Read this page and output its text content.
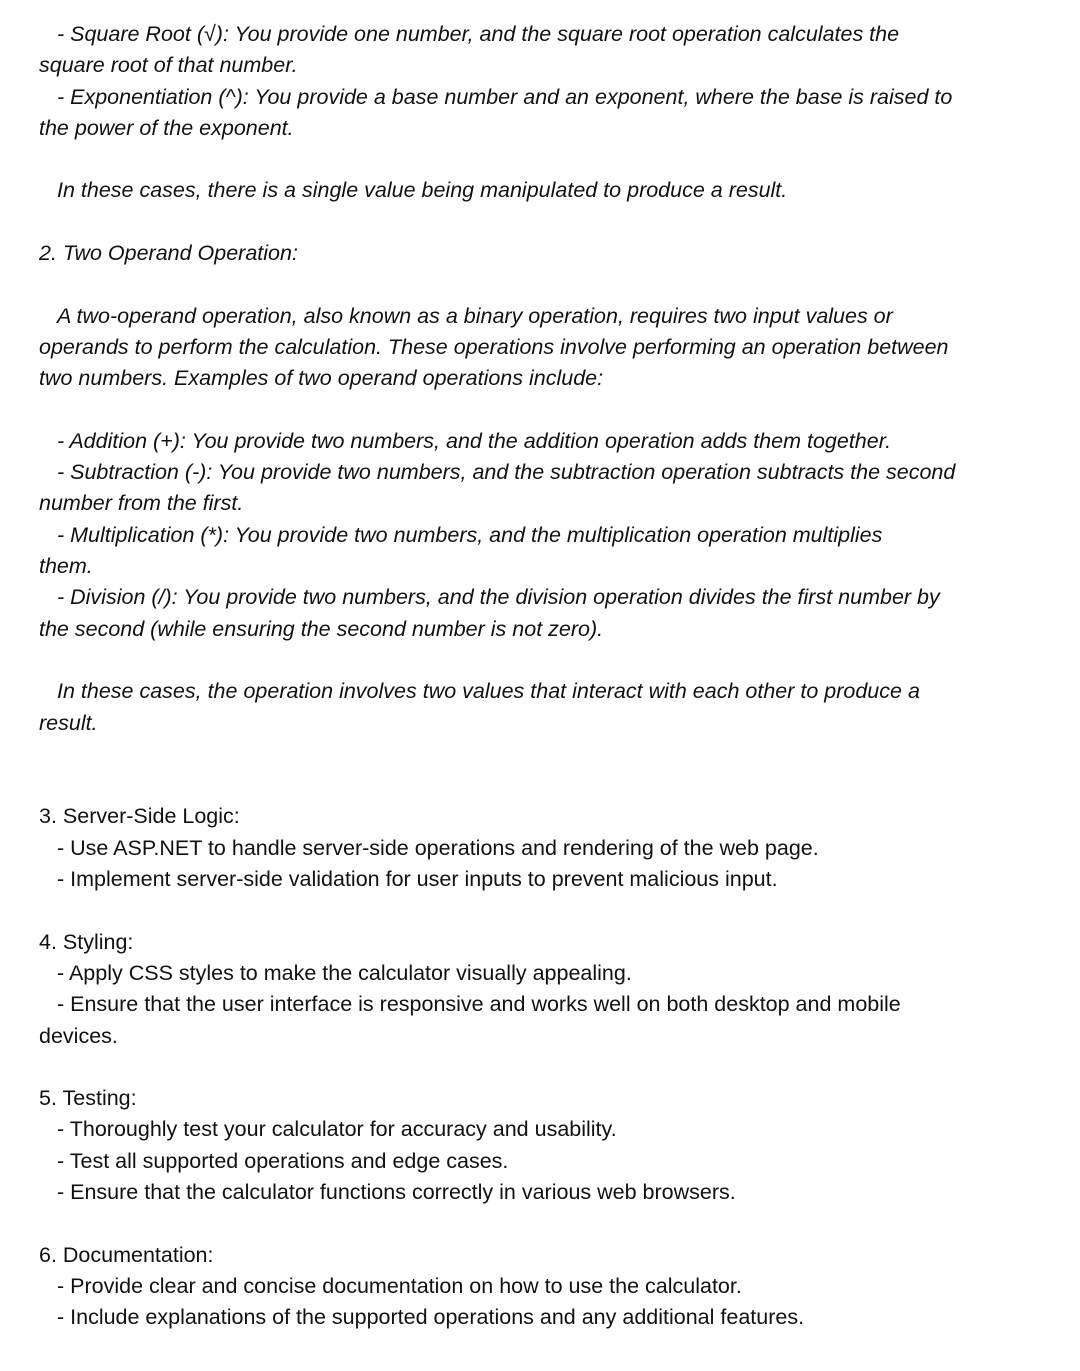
- Square Root (√): You provide one number, and the square root operation calculates the
square root of that number.
- Exponentiation (^): You provide a base number and an exponent, where the base is raised to
the power of the exponent.
In these cases, there is a single value being manipulated to produce a result.
2. Two Operand Operation:
A two-operand operation, also known as a binary operation, requires two input values or
operands to perform the calculation. These operations involve performing an operation between
two numbers. Examples of two operand operations include:
- Addition (+): You provide two numbers, and the addition operation adds them together.
- Subtraction (-): You provide two numbers, and the subtraction operation subtracts the second
number from the first.
- Multiplication (*): You provide two numbers, and the multiplication operation multiplies
them.
- Division (/): You provide two numbers, and the division operation divides the first number by
the second (while ensuring the second number is not zero).
In these cases, the operation involves two values that interact with each other to produce a
result.
3. Server-Side Logic:
- Use ASP.NET to handle server-side operations and rendering of the web page.
- Implement server-side validation for user inputs to prevent malicious input.
4. Styling:
- Apply CSS styles to make the calculator visually appealing.
- Ensure that the user interface is responsive and works well on both desktop and mobile
devices.
5. Testing:
- Thoroughly test your calculator for accuracy and usability.
- Test all supported operations and edge cases.
- Ensure that the calculator functions correctly in various web browsers.
6. Documentation:
- Provide clear and concise documentation on how to use the calculator.
- Include explanations of the supported operations and any additional features.
